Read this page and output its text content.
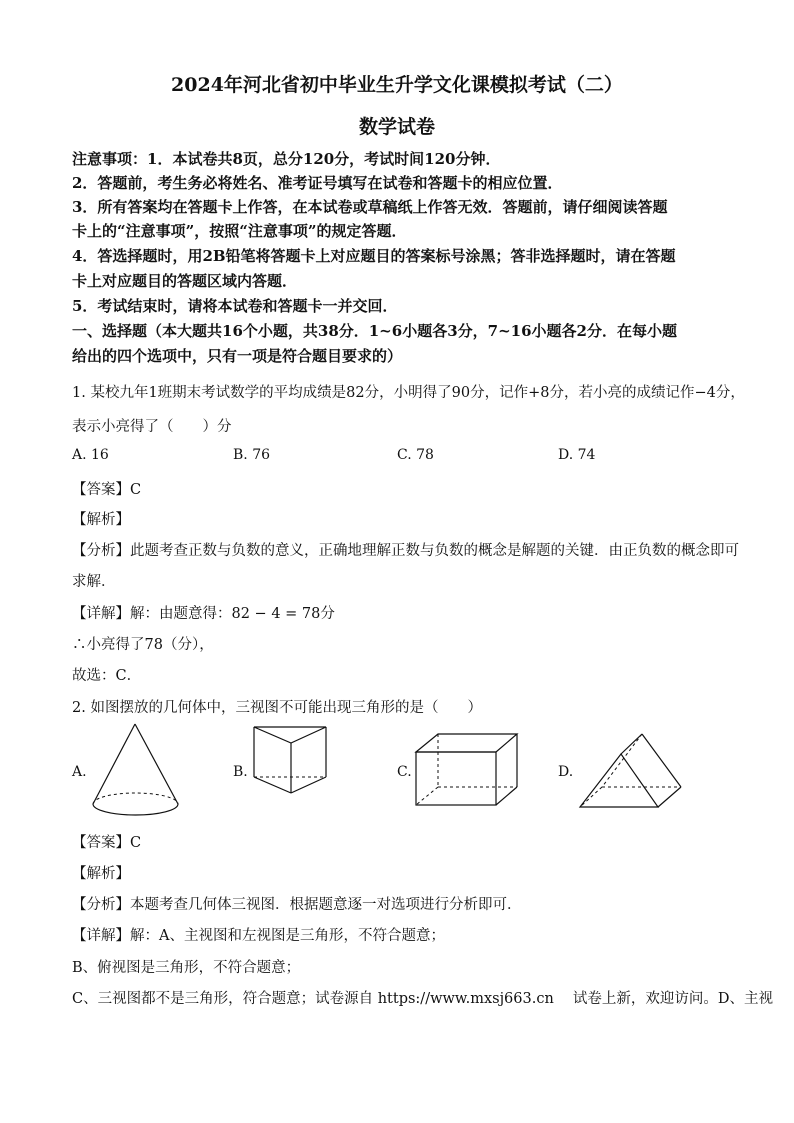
2024年河北省初中毕业生升学文化课模拟考试（二）
数学试卷
注意事项：1．本试卷共8页，总分120分，考试时间120分钟．
2．答题前，考生务必将姓名、准考证号填写在试卷和答题卡的相应位置．
3．所有答案均在答题卡上作答，在本试卷或草稿纸上作答无效．答题前，请仔细阅读答题
卡上的“注意事项”，按照“注意事项”的规定答题．
4．答选择题时，用2B铅笔将答题卡上对应题目的答案标号涂黑；答非选择题时，请在答题
卡上对应题目的答题区域内答题．
5．考试结束时，请将本试卷和答题卡一并交回．
一、选择题（本大题共16个小题，共38分．1~6小题各3分，7~16小题各2分．在每小题
给出的四个选项中，只有一项是符合题目要求的）
1. 某校九年1班期末考试数学的平均成绩是82分，小明得了90分，记作+8分，若小亮的成绩记作−4分，
表示小亮得了（　　）分
A. 16	B. 76	C. 78	D. 74
【答案】C
【解析】
【分析】此题考查正数与负数的意义，正确地理解正数与负数的概念是解题的关键．由正负数的概念即可
求解．
【详解】解：由题意得：82 − 4 = 78分
∴小亮得了78（分），
故选：C．
2. 如图摆放的几何体中，三视图不可能出现三角形的是（　　）
A.	B.	C.	D.
【答案】C
【解析】
【分析】本题考查几何体三视图．根据题意逐一对选项进行分析即可．
【详解】解：A、主视图和左视图是三角形，不符合题意；
B、俯视图是三角形，不符合题意；
C、三视图都不是三角形，符合题意；试卷源自 https://www.mxsj663.cn　 试卷上新，欢迎访问。D、主视
